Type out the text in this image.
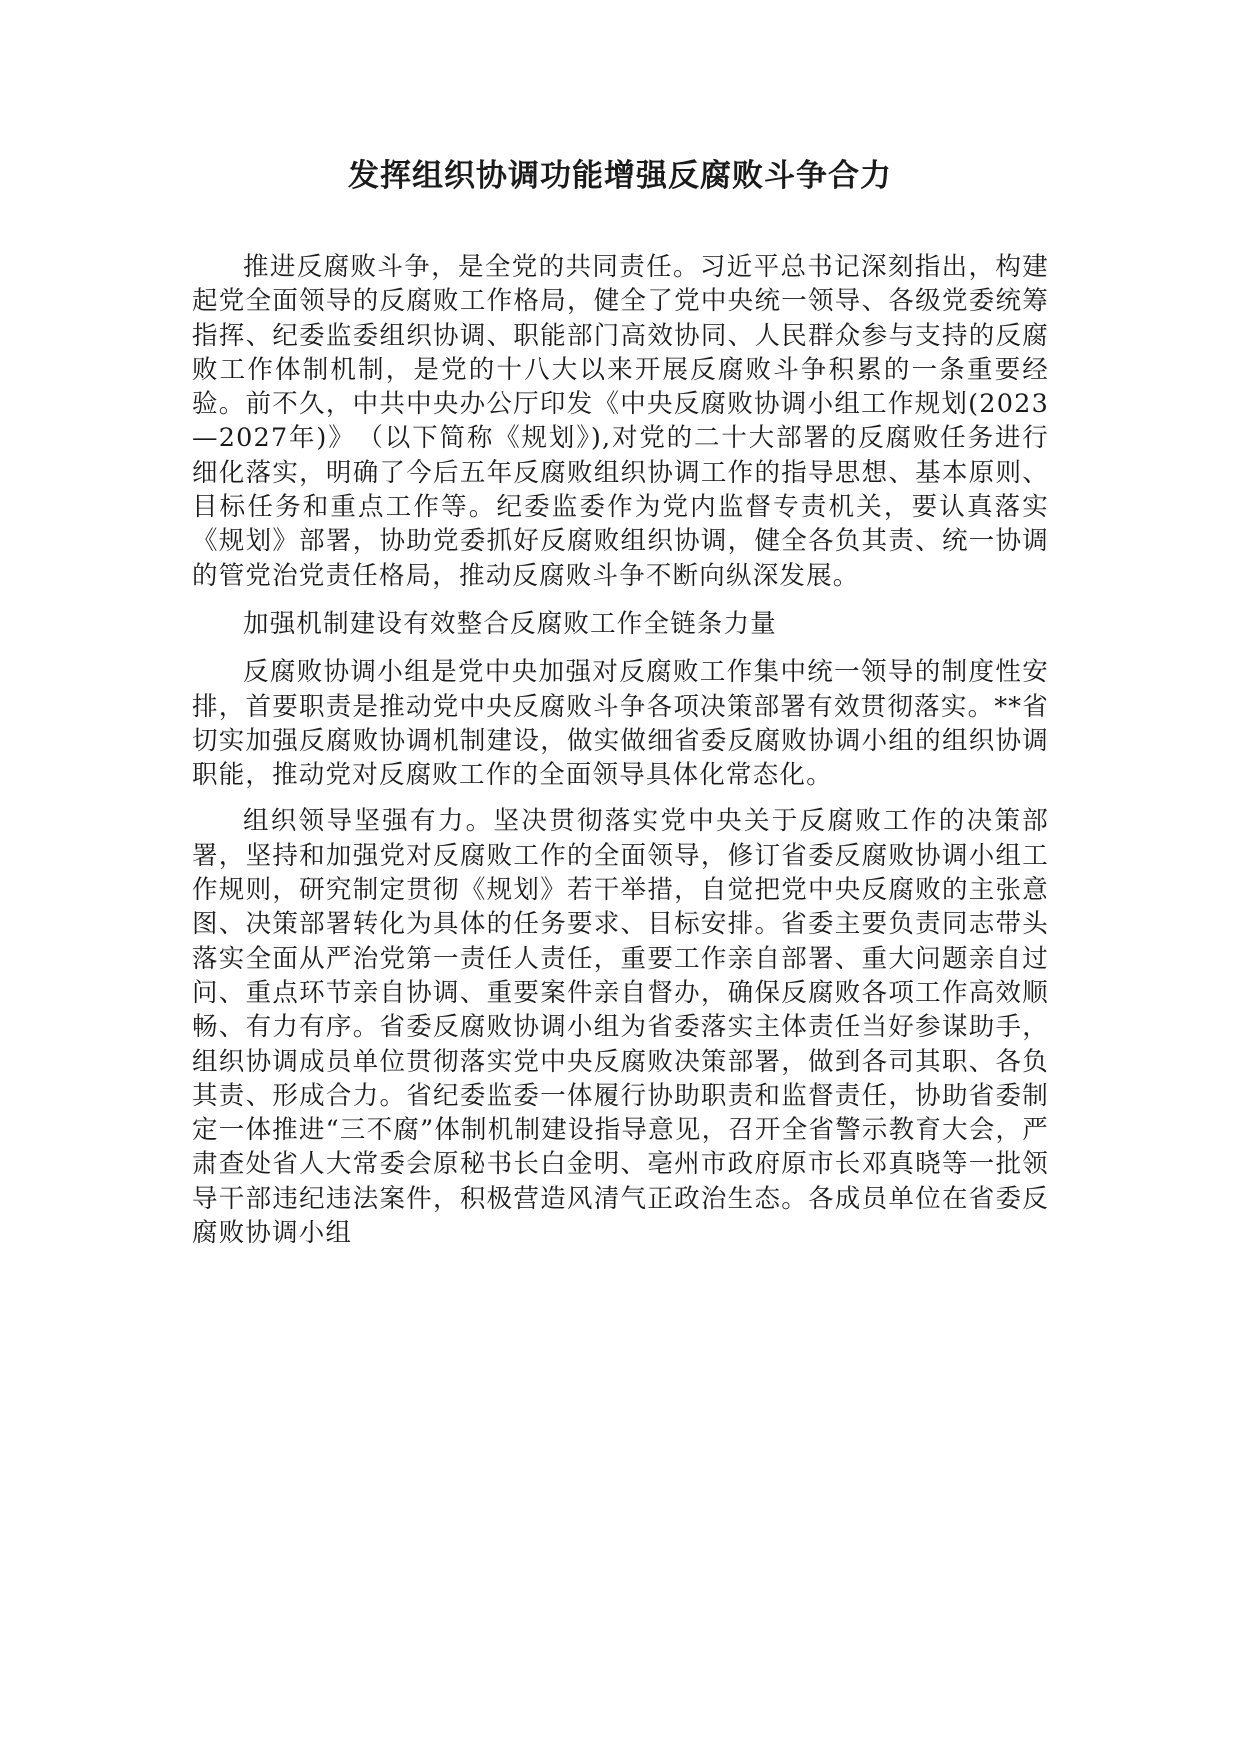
发挥组织协调功能增强反腐败斗争合力

推进反腐败斗争，是全党的共同责任。习近平总书记深刻指出，构建起党全面领导的反腐败工作格局，健全了党中央统一领导、各级党委统筹指挥、纪委监委组织协调、职能部门高效协同、人民群众参与支持的反腐败工作体制机制，是党的十八大以来开展反腐败斗争积累的一条重要经验。前不久，中共中央办公厅印发《中央反腐败协调小组工作规划(2023—2027年)》　（以下简称《规划》),对党的二十大部署的反腐败任务进行细化落实，明确了今后五年反腐败组织协调工作的指导思想、基本原则、目标任务和重点工作等。纪委监委作为党内监督专责机关，要认真落实《规划》部署，协助党委抓好反腐败组织协调，健全各负其责、统一协调的管党治党责任格局，推动反腐败斗争不断向纵深发展。

加强机制建设有效整合反腐败工作全链条力量

反腐败协调小组是党中央加强对反腐败工作集中统一领导的制度性安排，首要职责是推动党中央反腐败斗争各项决策部署有效贯彻落实。**省切实加强反腐败协调机制建设，做实做细省委反腐败协调小组的组织协调职能，推动党对反腐败工作的全面领导具体化常态化。

组织领导坚强有力。坚决贯彻落实党中央关于反腐败工作的决策部署，坚持和加强党对反腐败工作的全面领导，修订省委反腐败协调小组工作规则，研究制定贯彻《规划》若干举措，自觉把党中央反腐败的主张意图、决策部署转化为具体的任务要求、目标安排。省委主要负责同志带头落实全面从严治党第一责任人责任，重要工作亲自部署、重大问题亲自过问、重点环节亲自协调、重要案件亲自督办，确保反腐败各项工作高效顺畅、有力有序。省委反腐败协调小组为省委落实主体责任当好参谋助手，组织协调成员单位贯彻落实党中央反腐败决策部署，做到各司其职、各负其责、形成合力。省纪委监委一体履行协助职责和监督责任，协助省委制定一体推进“三不腐”体制机制建设指导意见，召开全省警示教育大会，严肃查处省人大常委会原秘书长白金明、亳州市政府原市长邓真晓等一批领导干部违纪违法案件，积极营造风清气正政治生态。各成员单位在省委反腐败协调小组
